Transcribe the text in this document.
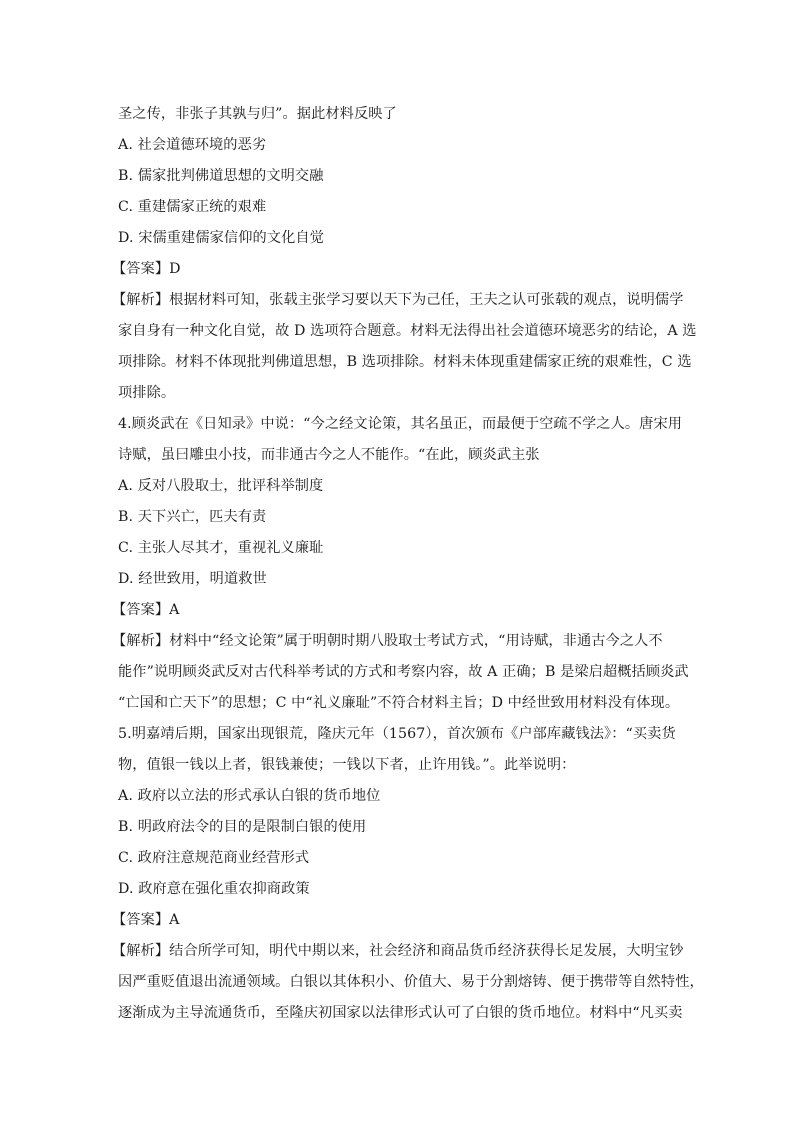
圣之传，非张子其孰与归”。据此材料反映了
A. 社会道德环境的恶劣
B. 儒家批判佛道思想的文明交融
C. 重建儒家正统的艰难
D. 宋儒重建儒家信仰的文化自觉
【答案】D
【解析】根据材料可知，张载主张学习要以天下为己任，王夫之认可张载的观点，说明儒学
家自身有一种文化自觉，故 D 选项符合题意。材料无法得出社会道德环境恶劣的结论，A 选
项排除。材料不体现批判佛道思想，B 选项排除。材料未体现重建儒家正统的艰难性，C 选
项排除。
4.顾炎武在《日知录》中说：“今之经文论策，其名虽正，而最便于空疏不学之人。唐宋用
诗赋，虽曰雕虫小技，而非通古今之人不能作。“在此，顾炎武主张
A. 反对八股取士，批评科举制度
B. 天下兴亡，匹夫有责
C. 主张人尽其才，重视礼义廉耻
D. 经世致用，明道救世
【答案】A
【解析】材料中“经文论策”属于明朝时期八股取士考试方式，“用诗赋，非通古今之人不
能作”说明顾炎武反对古代科举考试的方式和考察内容，故 A 正确；B 是梁启超概括顾炎武
“亡国和亡天下”的思想；C 中“礼义廉耻”不符合材料主旨；D 中经世致用材料没有体现。
5.明嘉靖后期，国家出现银荒，隆庆元年（1567），首次颁布《户部库藏钱法》：“买卖货
物，值银一钱以上者，银钱兼使；一钱以下者，止许用钱。”。此举说明：
A. 政府以立法的形式承认白银的货币地位
B. 明政府法令的目的是限制白银的使用
C. 政府注意规范商业经营形式
D. 政府意在强化重农抑商政策
【答案】A
【解析】结合所学可知，明代中期以来，社会经济和商品货币经济获得长足发展，大明宝钞
因严重贬值退出流通领域。白银以其体积小、价值大、易于分割熔铸、便于携带等自然特性，
逐渐成为主导流通货币，至隆庆初国家以法律形式认可了白银的货币地位。材料中“凡买卖
